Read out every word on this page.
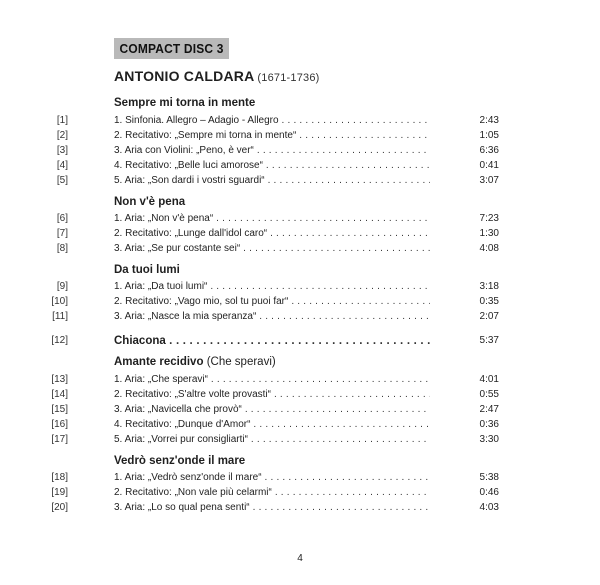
COMPACT DISC 3
ANTONIO CALDARA (1671-1736)
Sempre mi torna in mente
[1]	1. Sinfonia. Allegro – Adagio - Allegro . . .	2:43
[2]	2. Recitativo: „Sempre mi torna in mente“ . . .	1:05
[3]	3. Aria con Violini: „Peno, è ver“ . . .	6:36
[4]	4. Recitativo: „Belle luci amorose“ . . .	0:41
[5]	5. Aria: „Son dardi i vostri sguardi“ . . .	3:07
Non v'è pena
[6]	1. Aria: „Non v'è pena“ . . .	7:23
[7]	2. Recitativo: „Lunge dall'idol caro“ . . .	1:30
[8]	3. Aria: „Se pur costante sei“ . . .	4:08
Da tuoi lumi
[9]	1. Aria: „Da tuoi lumi“ . . .	3:18
[10]	2. Recitativo: „Vago mio, sol tu puoi far“ . . .	0:35
[11]	3. Aria: „Nasce la mia speranza“ . . .	2:07
[12]	Chiacona . . .	5:37
Amante recidivo (Che speravi)
[13]	1. Aria: „Che speravi“ . . .	4:01
[14]	2. Recitativo: „S'altre volte provasti“ . . .	0:55
[15]	3. Aria: „Navicella che provò“ . . .	2:47
[16]	4. Recitativo: „Dunque d'Amor“ . . .	0:36
[17]	5. Aria: „Vorrei pur consigliarti“ . . .	3:30
Vedrò senz'onde il mare
[18]	1. Aria: „Vedrò senz'onde il mare“ . . .	5:38
[19]	2. Recitativo: „Non vale più celarmi“ . . .	0:46
[20]	3. Aria: „Lo so qual pena senti“ . . .	4:03
4
